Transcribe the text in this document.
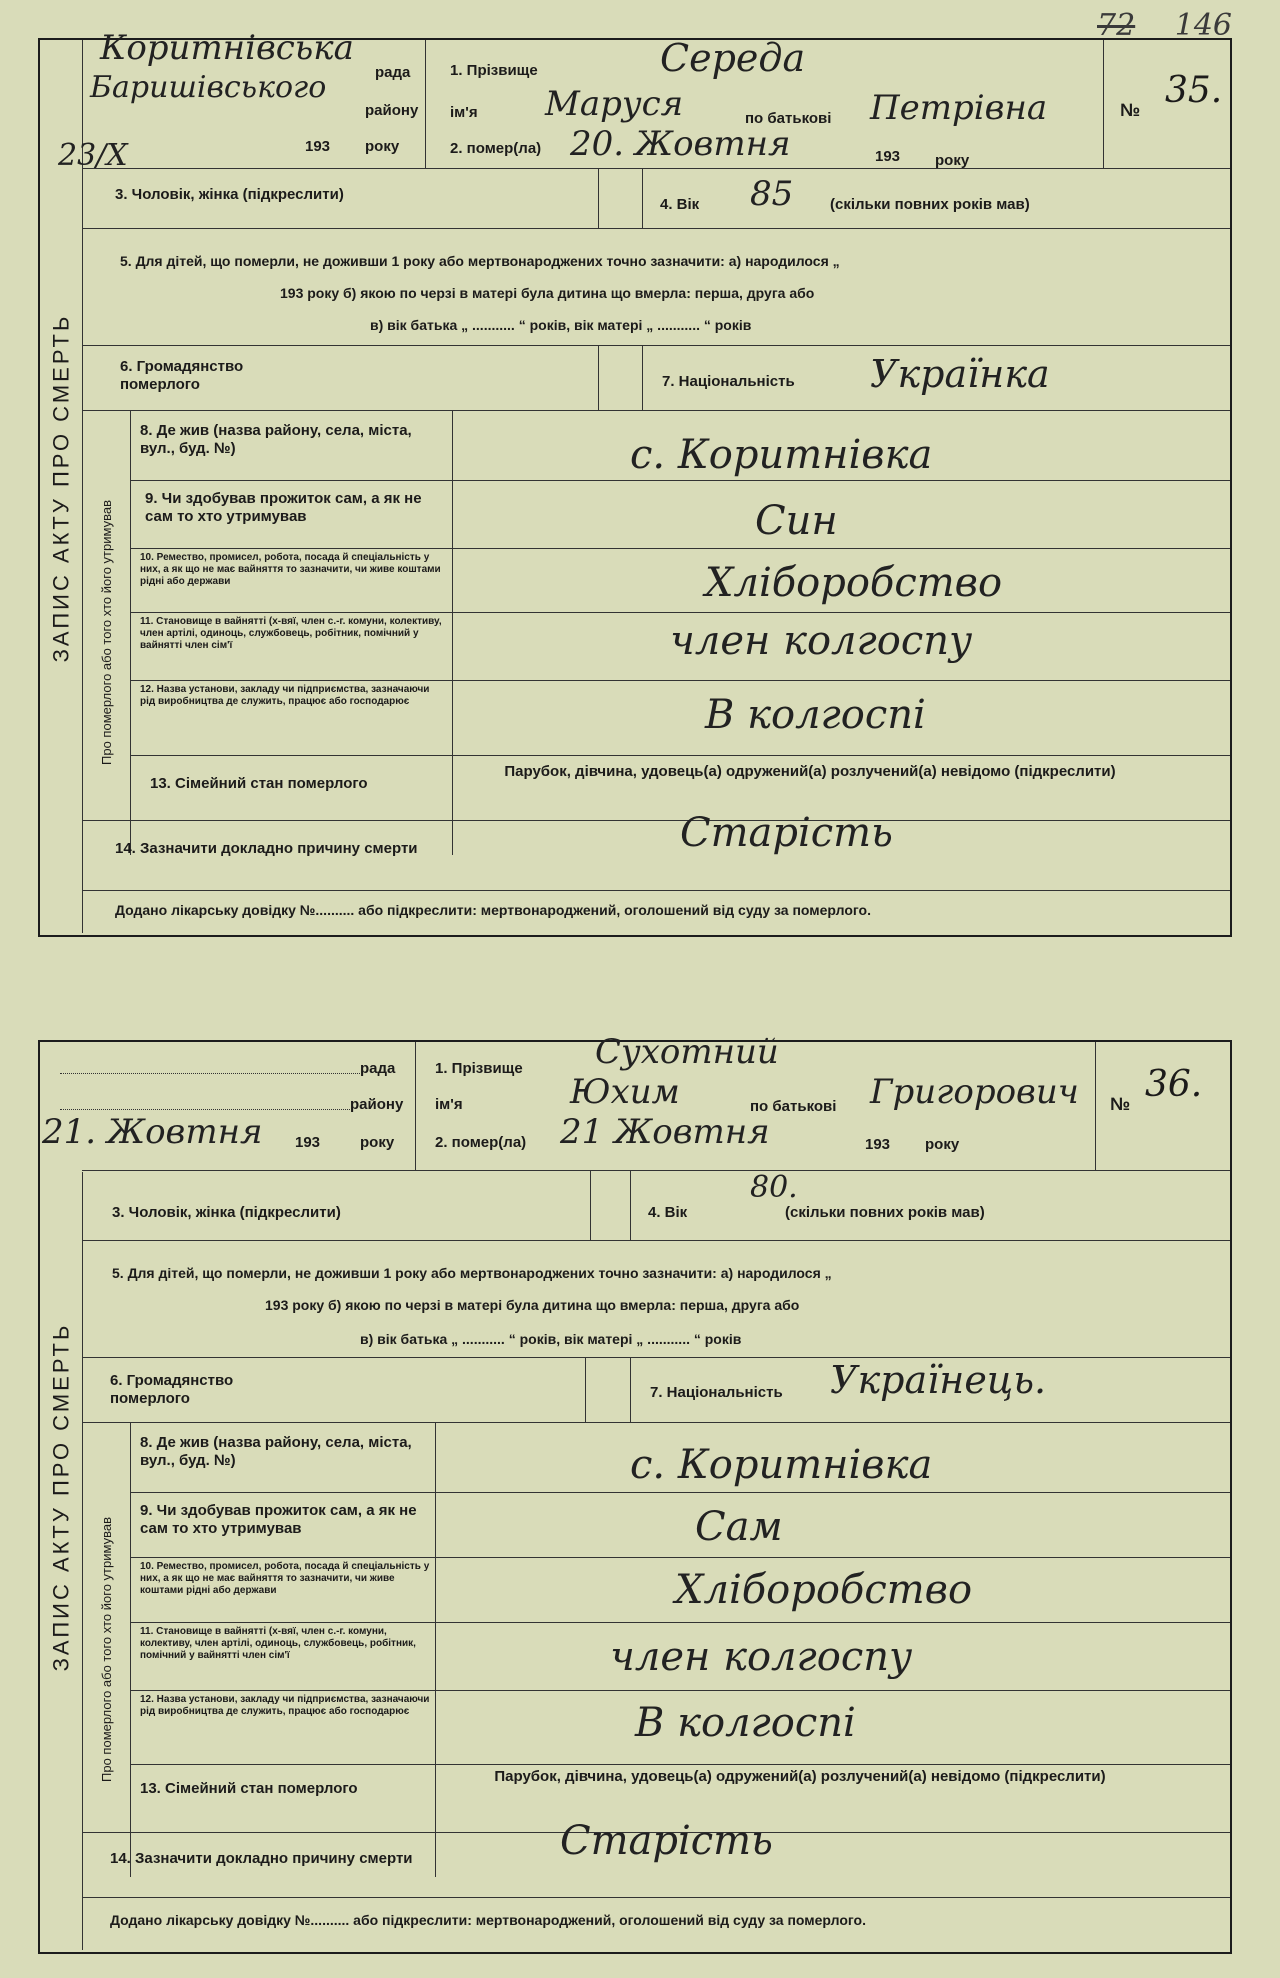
72 146
ЗАПИС АКТУ ПРО СМЕРТЬ
Коритнівська
рада
Баришівського
району
23/X	193 року
1. Прізвище	Середа
ім'я Маруся	по батькові Петрівна
2. помер(ла) 20. Жовтня	193 року
№ 35.
3. Чоловік, жінка (підкреслити)
4. Вік 85 (скільки повних років мав)
5. Для дітей, що померли, не доживши 1 року або мертвонароджених точно зазначити: а) народилося „
193 року б) якою по черзі в матері була дитина що вмерла: перша, друга або
в) вік батька „ ........... “ років, вік матері „ ........... “ років
6. Громадянство померлого	7. Національність Українка
Про померлого або того хто його утримував
8. Де жив (назва району, села, міста, вул., буд. №)	с. Коритнівка
9. Чи здобував прожиток сам, а як не сам то хто утримував	Син
10. Ремество, промисел, робота, посада й спеціальність у них, а як що не має вайняття то зазначити, чи живе коштами рідні або держави	Хліборобство
11. Становище в вайнятті (х-вяї, член с.-г. комуни, колективу, член артілі, одиноць, службовець, робітник, помічний у вайнятті член сім'ї	член колгоспу
12. Назва установи, закладу чи підприємства, зазначаючи рід виробництва де служить, працює або господарює	В колгоспі
13. Сімейний стан померлого
Парубок, дівчина, удовець(а) одружений(а) розлучений(а) невідомо (підкреслити)
14. Зазначити докладно причину смерти	Старість
Додано лікарську довідку №.......... або підкреслити: мертвонароджений, оголошений від суду за померлого.
ЗАПИС АКТУ ПРО СМЕРТЬ
рада
району
21. Жовтня 193	року
1. Прізвище Сухотний
ім'я	Юхим	по батькові Григорович
2. помер(ла) 21 Жовтня	193 року
№ 36.
3. Чоловік, жінка (підкреслити)	4. Вік
80.
(скільки повних років мав)
5. Для дітей, що померли, не доживши 1 року або мертвонароджених точно зазначити: а) народилося „
193 року б) якою по черзі в матері була дитина що вмерла: перша, друга або
в) вік батька „ ........... “ років, вік матері „ ........... “ років
6. Громадянство померлого	7. Національність Українець.
Про померлого або того хто його утримував
8. Де жив (назва району, села, міста, вул., буд. №)	с. Коритнівка
9. Чи здобував прожиток сам, а як не сам то хто утримував	Сам
10. Ремество, промисел, робота, посада й спеціальність у них, а як що не має вайняття то зазначити, чи живе коштами рідні або держави	Хліборобство
11. Становище в вайнятті (х-вяї, член с.-г. комуни, колективу, член артілі, одиноць, службовець, робітник, помічний у вайнятті член сім'ї	член колгоспу
12. Назва установи, закладу чи підприємства, зазначаючи рід виробництва де служить, працює або господарює	В колгоспі
13. Сімейний стан померлого
Парубок, дівчина, удовець(а) одружений(а) розлучений(а) невідомо (підкреслити)
14. Зазначити докладно причину смерти	Старість
Додано лікарську довідку №.......... або підкреслити: мертвонароджений, оголошений від суду за померлого.
